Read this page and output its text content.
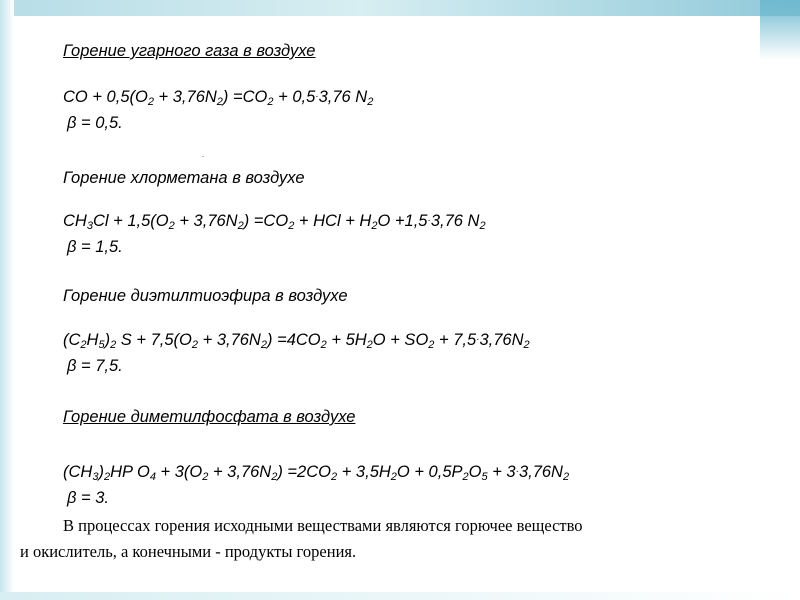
Горение угарного газа в воздухе
CO + $0,5(O_2 + 3,76N_2) =CO_2 + 0,5\cdot 3,76$ $N_2$
β = 0,5.
.
Горение хлорметана в воздухе
$CH_3Cl + 1,5(O_2 + 3,76N_2) =CO_2$ + HCl + $H_2O +1,5\cdot 3,76$ $N_2$
β = 1,5.
Горение диэтилтиоэфира в воздухе
$(C_2H_5)_2$ $S + 7,5(O_2 + 3,76N_2) =4CO_2 + 5H_2O + SO_2 + 7,5\cdot 3,76N_2$
β = 7,5.
Горение диметилфосфата в воздухе
$(CH_3)_2HP$ $O_4 + 3(O_2 + 3,76N_2) =2CO_2 + 3,5H_2O + 0,5P_2O_5 + 3\cdot 3,76N_2$
β = 3.
В процессах горения исходными веществами являются горючее вещество
и окислитель, а конечными - продукты горения.
